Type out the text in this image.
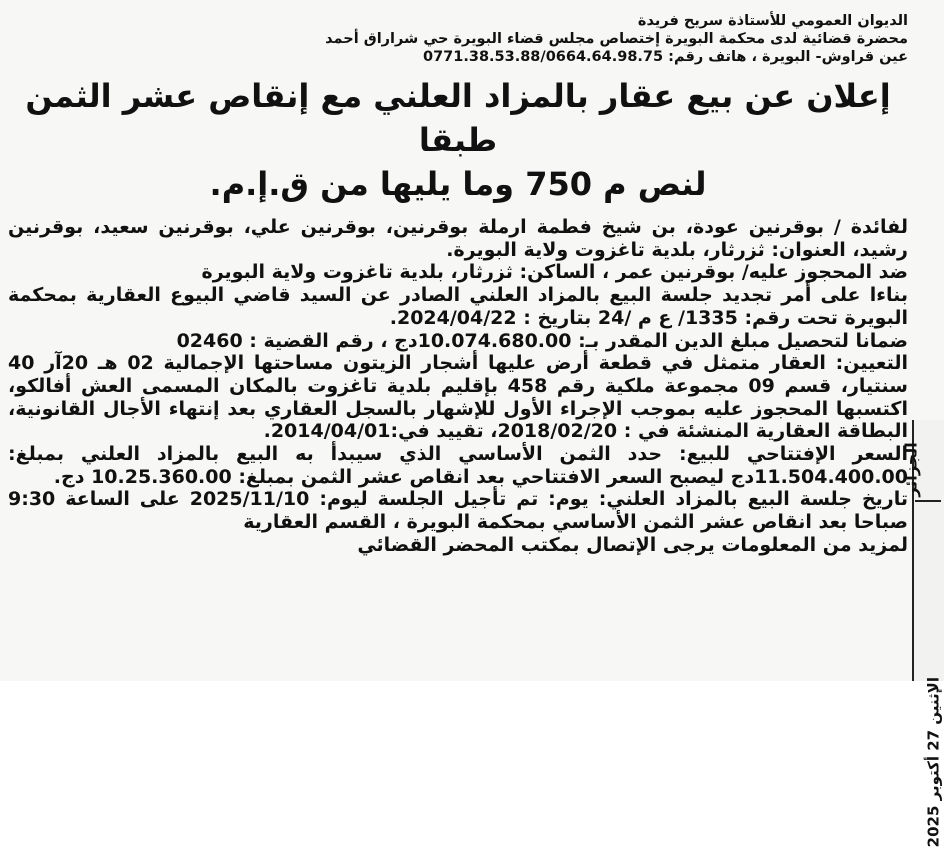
الديوان العمومي للأستاذة سريح فريدة
محضرة قضائية لدى محكمة البويرة إختصاص مجلس قضاء البويرة حي شراراق أحمد
عين قراوش- البويرة ، هاتف رقم: 0771.38.53.88/0664.64.98.75
إعلان عن بيع عقار بالمزاد العلني مع إنقاص عشر الثمن طبقا
لنص م 750 وما يليها من ق.إ.م.

لفائدة / بوقرنين عودة، بن شيخ فطمة ارملة بوقرنين، بوقرنين علي، بوقرنين سعيد، بوقرنين رشيد، العنوان: ثزرثار، بلدية تاغزوت ولاية البويرة.

ضد المحجوز عليه/ بوقرنين عمر ، الساكن: ثزرثار، بلدية تاغزوت ولاية البويرة

بناءا على أمر تجديد جلسة البيع بالمزاد العلني الصادر عن السيد قاضي البيوع العقارية بمحكمة البويرة تحت رقم: 1335/ ع م /24 بتاريخ : 2024/04/22.

ضمانا لتحصيل مبلغ الدين المقدر بـ: 10.074.680.00دج ، رقم القضية : 02460

التعيين: العقار متمثل في قطعة أرض عليها أشجار الزيتون مساحتها الإجمالية 02 هـ 20آر 40 سنتيار، قسم 09 مجموعة ملكية رقم 458 بإقليم بلدية تاغزوت بالمكان المسمى العش أفالكو، اكتسبها المحجوز عليه بموجب الإجراء الأول للإشهار بالسجل العقاري بعد إنتهاء الأجال القانونية، البطاقة العقارية المنشئة في : 2018/02/20، تقييد في:2014/04/01.

السعر الإفتتاحي للبيع: حدد الثمن الأساسي الذي سيبدأ به البيع بالمزاد العلني بمبلغ: 11.504.400.00دج ليصبح السعر الافتتاحي بعد انقاص عشر الثمن بمبلغ: 10.25.360.00 دج.

تاريخ جلسة البيع بالمزاد العلني: يوم: تم تأجيل الجلسة ليوم: 2025/11/10 على الساعة 9:30 صباحا بعد انقاص عشر الثمن الأساسي بمحكمة البويرة ، القسم العقارية

لمزيد من المعلومات يرجى الإتصال بمكتب المحضر القضائي

الجزائر
الإثنين 27 أكتوبر 2025
